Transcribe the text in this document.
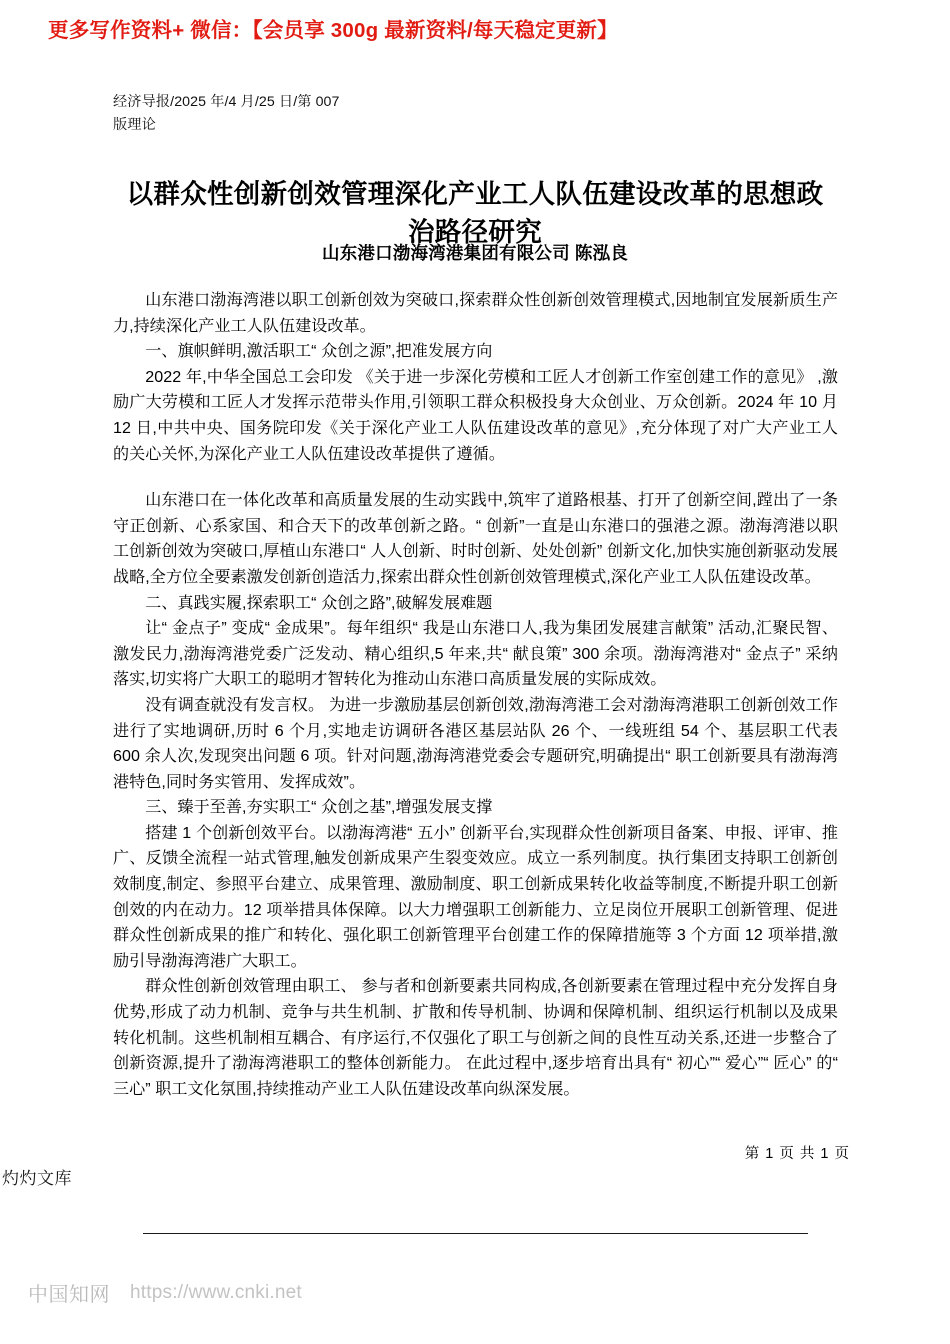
更多写作资料+ 微信：【会员享 300g 最新资料/每天稳定更新】
经济导报/2025 年/4 月/25 日/第 007
版理论
以群众性创新创效管理深化产业工人队伍建设改革的思想政治路径研究
山东港口渤海湾港集团有限公司 陈泓良

山东港口渤海湾港以职工创新创效为突破口,探索群众性创新创效管理模式,因地制宜发展新质生产力,持续深化产业工人队伍建设改革。

一、旗帜鲜明,激活职工“ 众创之源”,把准发展方向

2022 年,中华全国总工会印发 《关于进一步深化劳模和工匠人才创新工作室创建工作的意见》 ,激励广大劳模和工匠人才发挥示范带头作用,引领职工群众积极投身大众创业、万众创新。2024 年 10 月 12 日,中共中央、国务院印发《关于深化产业工人队伍建设改革的意见》,充分体现了对广大产业工人的关心关怀,为深化产业工人队伍建设改革提供了遵循。

山东港口在一体化改革和高质量发展的生动实践中,筑牢了道路根基、打开了创新空间,蹚出了一条守正创新、心系家国、和合天下的改革创新之路。“ 创新”一直是山东港口的强港之源。渤海湾港以职工创新创效为突破口,厚植山东港口“ 人人创新、时时创新、处处创新” 创新文化,加快实施创新驱动发展战略,全方位全要素激发创新创造活力,探索出群众性创新创效管理模式,深化产业工人队伍建设改革。

二、真践实履,探索职工“ 众创之路”,破解发展难题

让“ 金点子” 变成“ 金成果”。每年组织“ 我是山东港口人,我为集团发展建言献策” 活动,汇聚民智、激发民力,渤海湾港党委广泛发动、精心组织,5 年来,共“ 献良策” 300 余项。渤海湾港对“ 金点子” 采纳落实,切实将广大职工的聪明才智转化为推动山东港口高质量发展的实际成效。

没有调查就没有发言权。 为进一步激励基层创新创效,渤海湾港工会对渤海湾港职工创新创效工作进行了实地调研,历时 6 个月,实地走访调研各港区基层站队 26 个、一线班组 54 个、基层职工代表 600 余人次,发现突出问题 6 项。针对问题,渤海湾港党委会专题研究,明确提出“ 职工创新要具有渤海湾港特色,同时务实管用、发挥成效”。

三、臻于至善,夯实职工“ 众创之基”,增强发展支撑

搭建 1 个创新创效平台。以渤海湾港“ 五小” 创新平台,实现群众性创新项目备案、申报、评审、推广、反馈全流程一站式管理,触发创新成果产生裂变效应。成立一系列制度。执行集团支持职工创新创效制度,制定、参照平台建立、成果管理、激励制度、职工创新成果转化收益等制度,不断提升职工创新创效的内在动力。12 项举措具体保障。以大力增强职工创新能力、立足岗位开展职工创新管理、促进群众性创新成果的推广和转化、强化职工创新管理平台创建工作的保障措施等 3 个方面 12 项举措,激励引导渤海湾港广大职工。

群众性创新创效管理由职工、 参与者和创新要素共同构成,各创新要素在管理过程中充分发挥自身优势,形成了动力机制、竞争与共生机制、扩散和传导机制、协调和保障机制、组织运行机制以及成果转化机制。这些机制相互耦合、有序运行,不仅强化了职工与创新之间的良性互动关系,还进一步整合了创新资源,提升了渤海湾港职工的整体创新能力。 在此过程中,逐步培育出具有“ 初心”“ 爱心”“ 匠心” 的“ 三心” 职工文化氛围,持续推动产业工人队伍建设改革向纵深发展。

第 1 页 共 1 页
灼灼文库
中国知网 https://www.cnki.net
